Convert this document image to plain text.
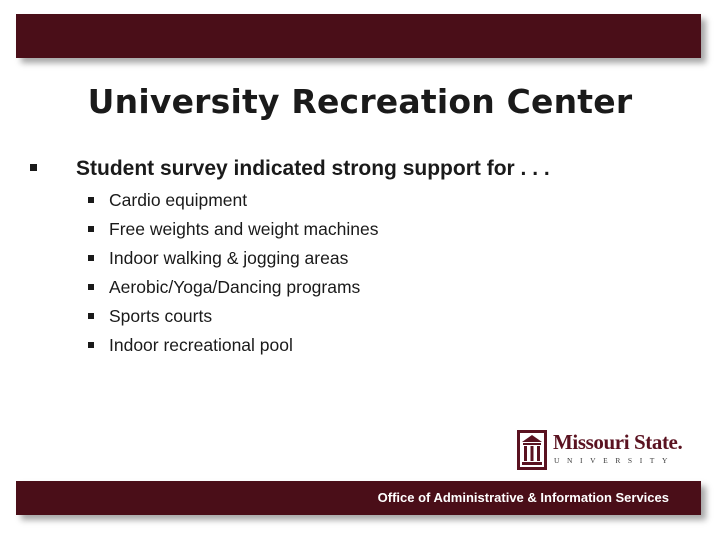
University Recreation Center
Student survey indicated strong support for . . .
Cardio equipment
Free weights and weight machines
Indoor walking & jogging areas
Aerobic/Yoga/Dancing programs
Sports courts
Indoor recreational pool
Missouri State.
UNIVERSITY
Office of Administrative & Information Services
